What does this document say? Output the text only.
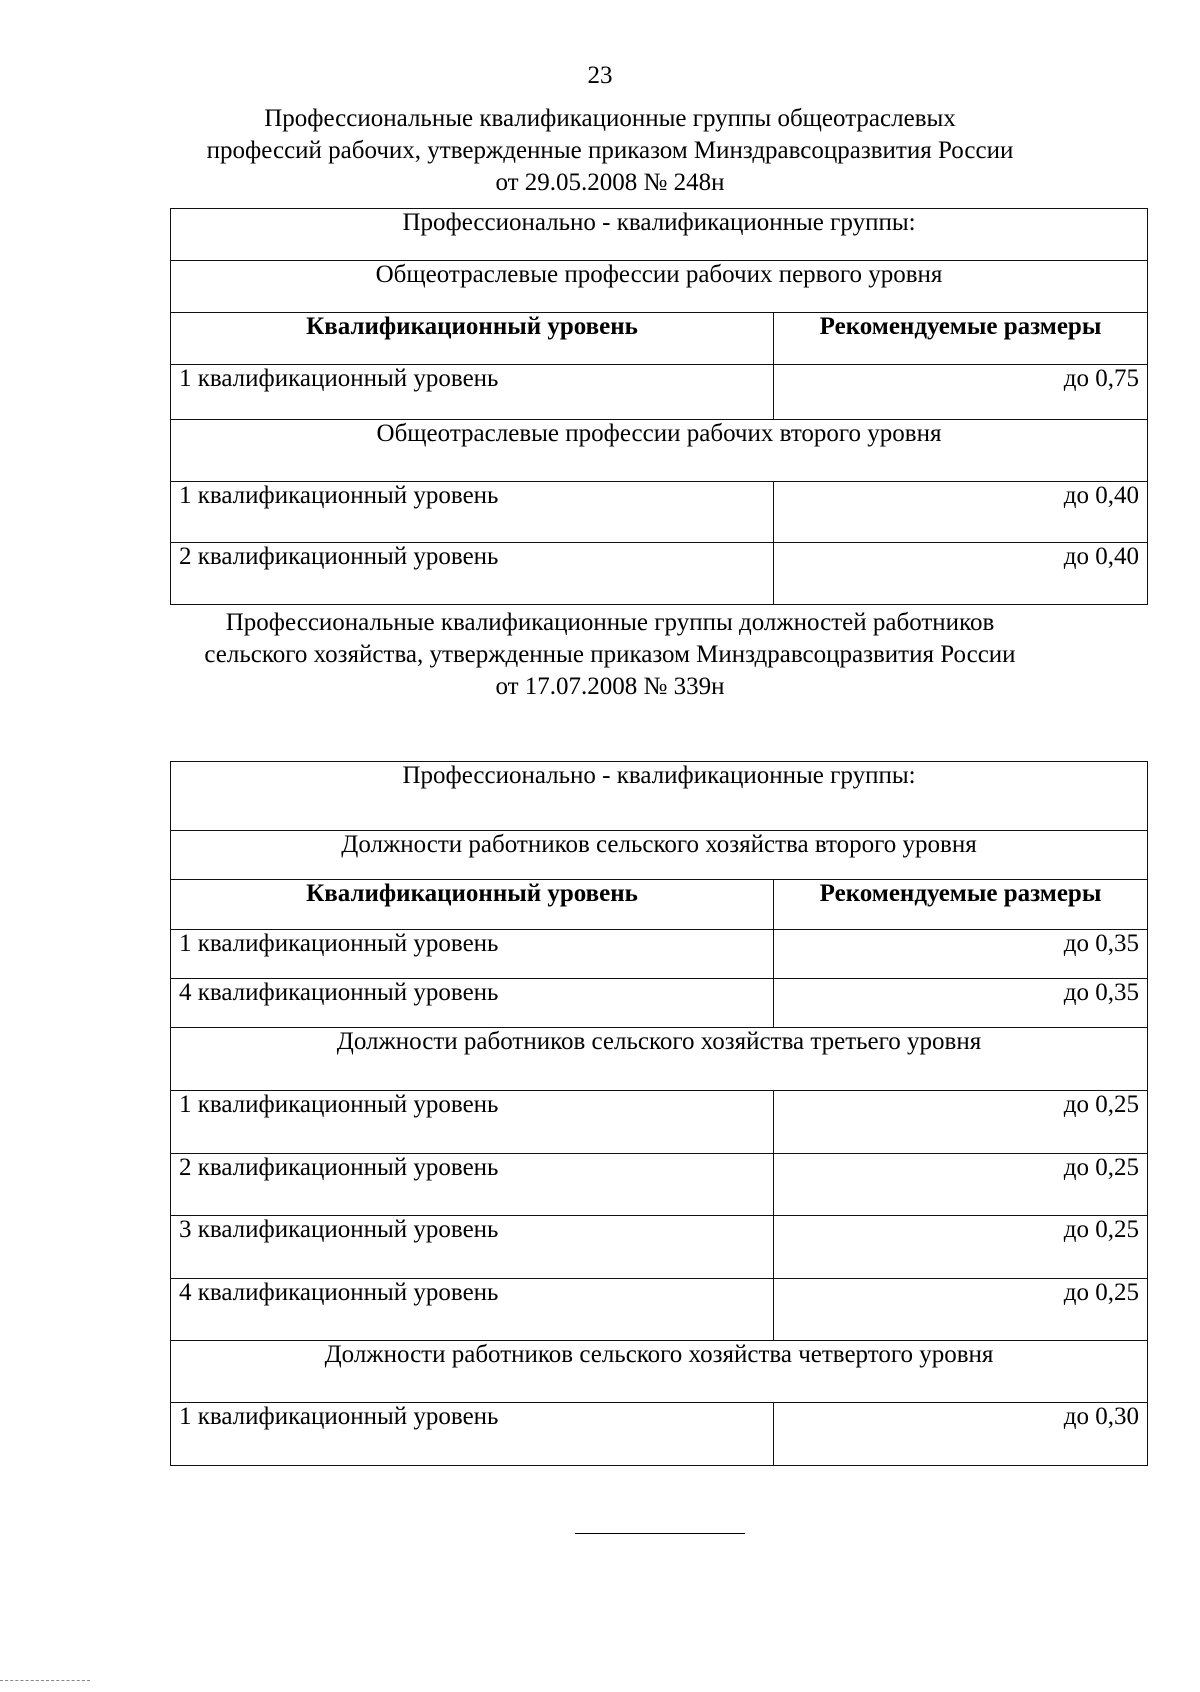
23
Профессиональные квалификационные группы общеотраслевых
профессий рабочих, утвержденные приказом Минздравсоцразвития России
от 29.05.2008 № 248н
Профессионально - квалификационные группы:	
Общеотраслевые профессии рабочих первого уровня	
Квалификационный уровень	Рекомендуемые размеры
1 квалификационный уровень	до 0,75
Общеотраслевые профессии рабочих второго уровня	
1 квалификационный уровень	до 0,40
2 квалификационный уровень	до 0,40
Профессиональные квалификационные группы должностей работников
сельского хозяйства, утвержденные приказом Минздравсоцразвития России
от 17.07.2008 № 339н
Профессионально - квалификационные группы:	
Должности работников сельского хозяйства второго уровня	
Квалификационный уровень	Рекомендуемые размеры
1 квалификационный уровень	до 0,35
4 квалификационный уровень	до 0,35
Должности работников сельского хозяйства третьего уровня	
1 квалификационный уровень	до 0,25
2 квалификационный уровень	до 0,25
3 квалификационный уровень	до 0,25
4 квалификационный уровень	до 0,25
Должности работников сельского хозяйства четвертого уровня	
1 квалификационный уровень	до 0,30
